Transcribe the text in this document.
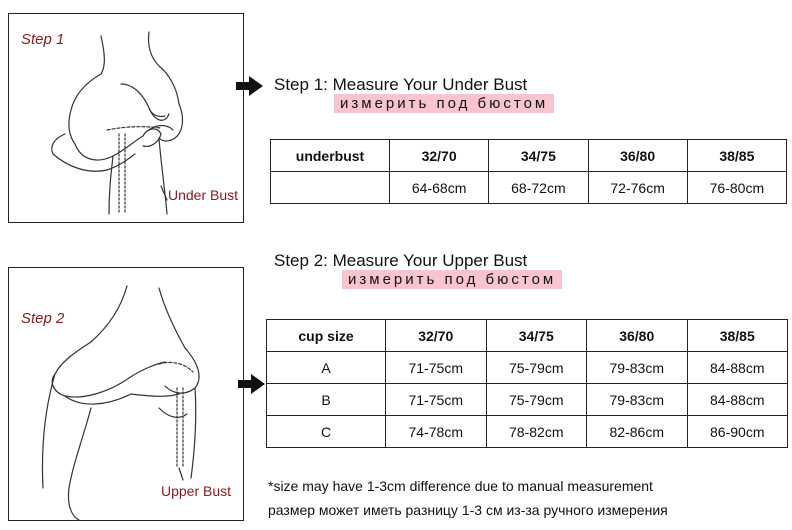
Step 1
Under Bust
Step 1: Measure Your Under Bust
измерить под бюстом
underbust	32/70	34/75	36/80	38/85
	64-68cm	68-72cm	72-76cm	76-80cm
Step 2
Upper Bust
Step 2: Measure Your Upper Bust
измерить под бюстом
cup size	32/70	34/75	36/80	38/85
A	71-75cm	75-79cm	79-83cm	84-88cm
B	71-75cm	75-79cm	79-83cm	84-88cm
C	74-78cm	78-82cm	82-86cm	86-90cm
*size may have 1-3cm difference due to manual measurement
размер может иметь разницу 1-3 см из-за ручного измерения
